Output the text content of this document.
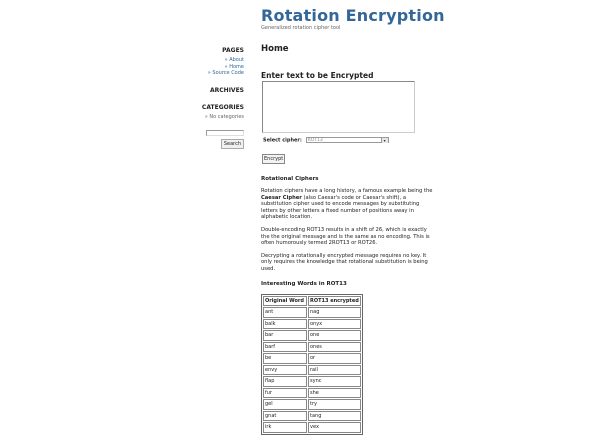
Rotation Encryption
Generalized rotation cipher tool
PAGES
» About
» Home
» Source Code
ARCHIVES
CATEGORIES
» No categories
Search
Home
Enter text to be Encrypted
Select cipher: ROT13	▾
Encrypt
Rotational Ciphers

Rotation ciphers have a long history, a famous example being the Caesar Cipher (also Caesar's code or Caesar's shift), a substitution cipher used to encode messages by substituting letters by other letters a fixed number of positions away in alphabetic location.

Double-encoding ROT13 results in a shift of 26, which is exactly the the original message and is the same as no encoding. This is often humorously termed 2ROT13 or ROT26.

Decrypting a rotationally encrypted message requires no key. It only requires the knowledge that rotational substitution is being used.

Interesting Words in ROT13
Original Word	ROT13 encrypted
ant	nag
balk	onyx
bar	one
barf	ones
be	or
envy	rail
flap	sync
fur	she
gel	try
gnat	tang
irk	vex
